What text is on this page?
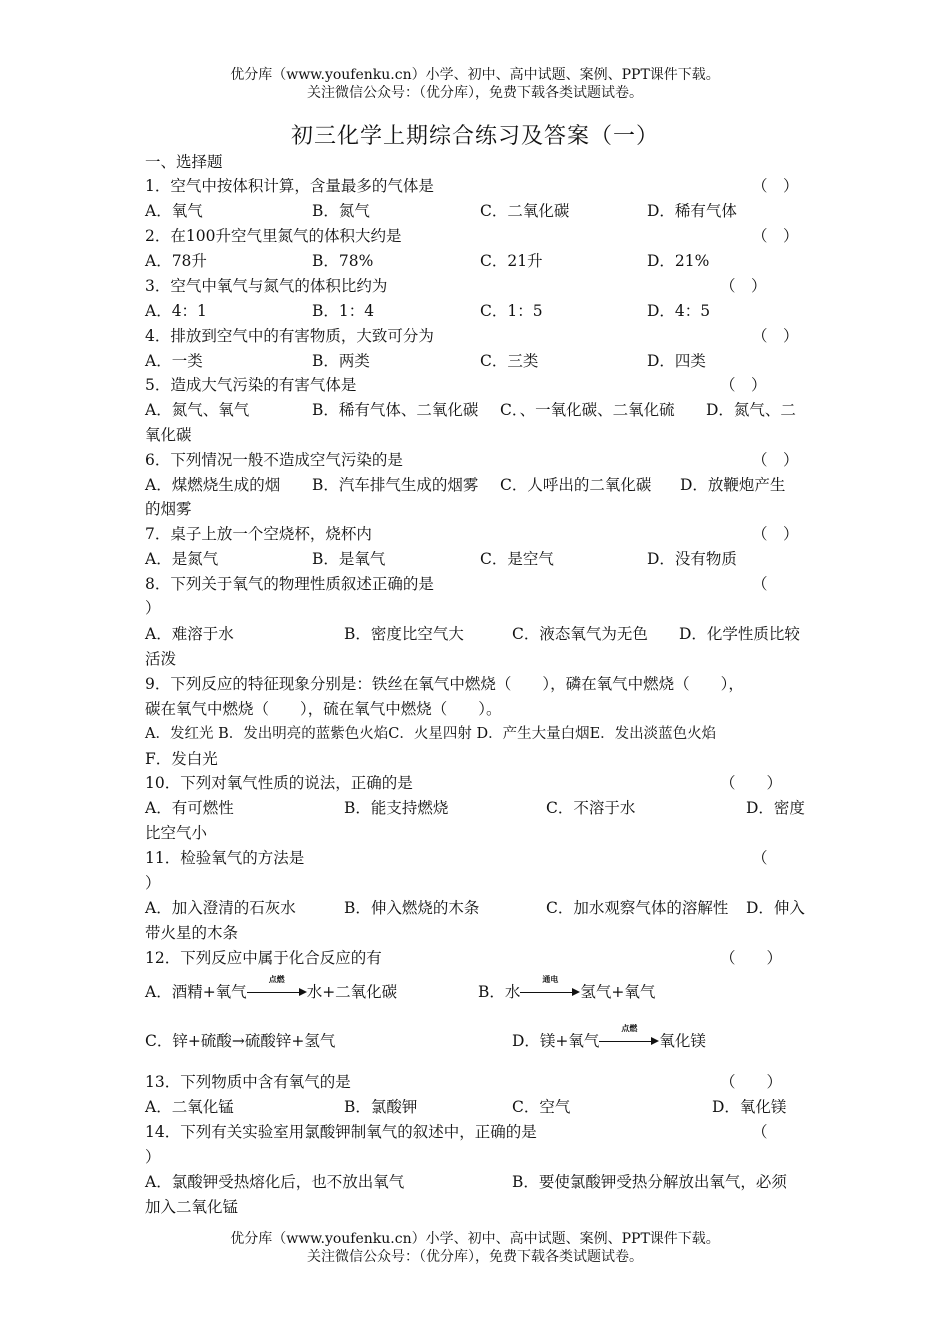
优分库（www.youfenku.cn）小学、初中、高中试题、案例、PPT课件下载。
关注微信公众号：（优分库），免费下载各类试题试卷。
初三化学上期综合练习及答案（一）
一、选择题
1．空气中按体积计算，含量最多的气体是	（　）
A．氧气	B．氮气	C．二氧化碳	D．稀有气体
2．在100升空气里氮气的体积大约是	（　）
A．78升	B．78%	C．21升	D．21%
3．空气中氧气与氮气的体积比约为	（　）
A．4：1	B．1：4	C．1：5	D．4：5
4．排放到空气中的有害物质，大致可分为	（　）
A．一类	B．两类	C．三类	D．四类
5．造成大气污染的有害气体是	（　）
A．氮气、氧气	B．稀有气体、二氧化碳 C．、一氧化碳、二氧化硫 D．氮气、二
氧化碳
6．下列情况一般不造成空气污染的是	（　）
A．煤燃烧生成的烟 B．汽车排气生成的烟雾 C．人呼出的二氧化碳 D．放鞭炮产生
的烟雾
7．桌子上放一个空烧杯，烧杯内	（　）
A．是氮气	B．是氧气	C．是空气	D．没有物质
8．下列关于氧气的物理性质叙述正确的是	（
）
A．难溶于水	B．密度比空气大	C．液态氧气为无色 D．化学性质比较
活泼
9．下列反应的特征现象分别是：铁丝在氧气中燃烧（　　），磷在氧气中燃烧（　　），
碳在氧气中燃烧（　　），硫在氧气中燃烧（　　）。
A．发红光 B．发出明亮的蓝紫色火焰C．火星四射 D．产生大量白烟E．发出淡蓝色火焰
F．发白光
10．下列对氧气性质的说法，正确的是	（　　）
A．有可燃性	B．能支持燃烧	C．不溶于水	D．密度
比空气小
11．检验氧气的方法是	（
）
A．加入澄清的石灰水	B．伸入燃烧的木条	C．加水观察气体的溶解性 D．伸入
带火星的木条
12．下列反应中属于化合反应的有	（　　）
A．酒精+氧气
点燃
水+二氧化碳	B．水
通电
氢气+氧气
C．锌+硫酸→硫酸锌+氢气	D．镁+氧气
点燃
氧化镁
13．下列物质中含有氧气的是	（　　）
A．二氧化锰	B．氯酸钾	C．空气	D．氧化镁
14．下列有关实验室用氯酸钾制氧气的叙述中，正确的是	（
）
A．氯酸钾受热熔化后，也不放出氧气	B．要使氯酸钾受热分解放出氧气，必须
加入二氧化锰
优分库（www.youfenku.cn）小学、初中、高中试题、案例、PPT课件下载。
关注微信公众号：（优分库），免费下载各类试题试卷。
